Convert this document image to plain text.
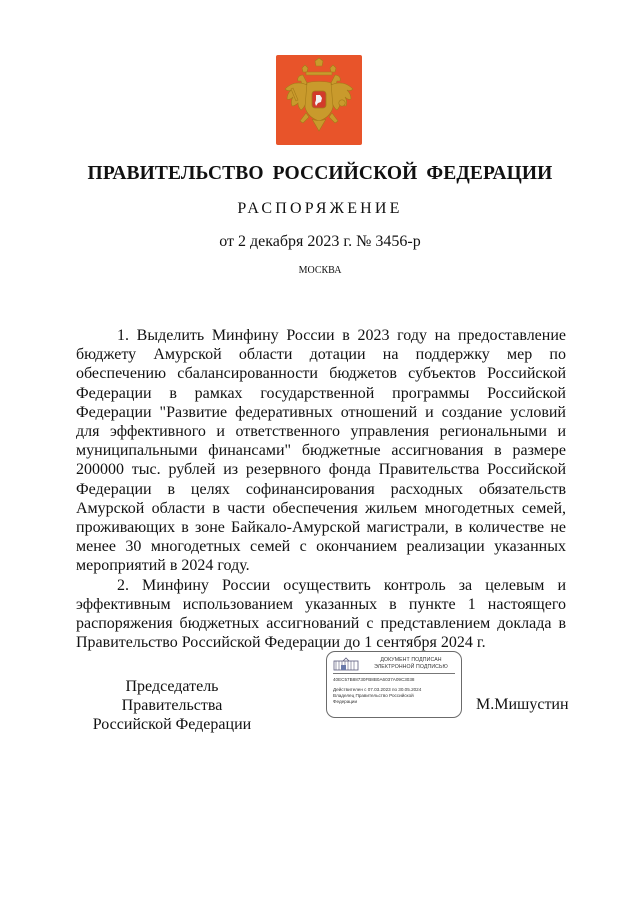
ПРАВИТЕЛЬСТВО РОССИЙСКОЙ ФЕДЕРАЦИИ
РАСПОРЯЖЕНИЕ
от 2 декабря 2023 г. № 3456-р
МОСКВА

1. Выделить Минфину России в 2023 году на предоставление бюджету Амурской области дотации на поддержку мер по обеспечению сбалансированности бюджетов субъектов Российской Федерации в рамках государственной программы Российской Федерации "Развитие федеративных отношений и создание условий для эффективного и ответственного управления региональными и муниципальными финансами" бюджетные ассигнования в размере 200000 тыс. рублей из резервного фонда Правительства Российской Федерации в целях софинансирования расходных обязательств Амурской области в части обеспечения жильем многодетных семей, проживающих в зоне Байкало-Амурской магистрали, в количестве не менее 30 многодетных семей с окончанием реализации указанных мероприятий в 2024 году.

2. Минфину России осуществить контроль за целевым и эффективным использованием указанных в пункте 1 настоящего распоряжения бюджетных ассигнований с представлением доклада в Правительство Российской Федерации до 1 сентября 2024 г.

Председатель Правительства
Российской Федерации
ДОКУМЕНТ ПОДПИСАН
ЭЛЕКТРОННОЙ ПОДПИСЬЮ
40EC57B88730FB8B0A6037A09C3038
Действителен с 07.03.2023 по 30.05.2024
Владелец Правительство Российской
Федерации	М.Мишустин
